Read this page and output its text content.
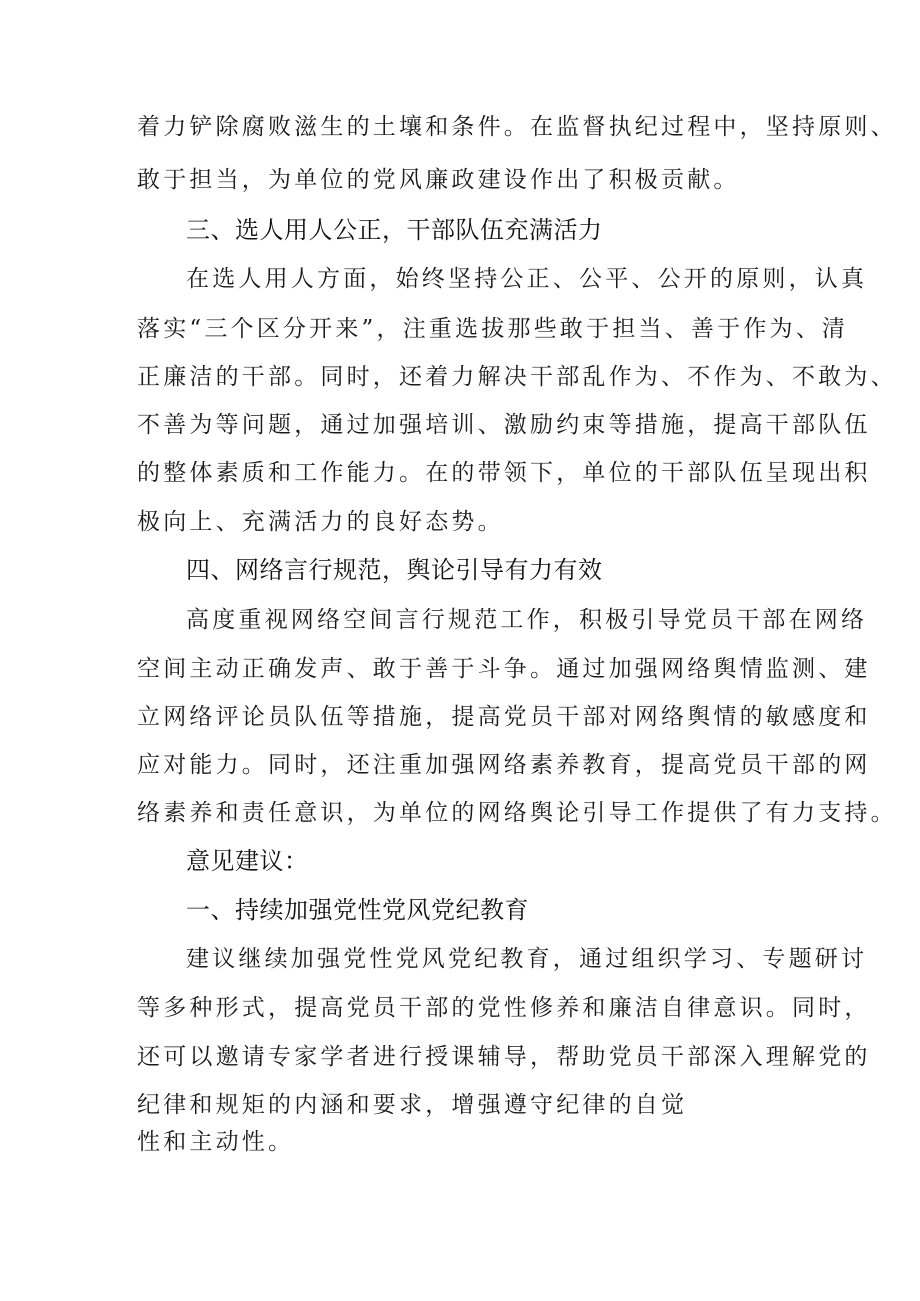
着力铲除腐败滋生的土壤和条件。在监督执纪过程中，坚持原则、
敢于担当，为单位的党风廉政建设作出了积极贡献。
三、选人用人公正，干部队伍充满活力
在选人用人方面，始终坚持公正、公平、公开的原则，认真
落实“三个区分开来”，注重选拔那些敢于担当、善于作为、清
正廉洁的干部。同时，还着力解决干部乱作为、不作为、不敢为、
不善为等问题，通过加强培训、激励约束等措施，提高干部队伍
的整体素质和工作能力。在的带领下，单位的干部队伍呈现出积
极向上、充满活力的良好态势。
四、网络言行规范，舆论引导有力有效
高度重视网络空间言行规范工作，积极引导党员干部在网络
空间主动正确发声、敢于善于斗争。通过加强网络舆情监测、建
立网络评论员队伍等措施，提高党员干部对网络舆情的敏感度和
应对能力。同时，还注重加强网络素养教育，提高党员干部的网
络素养和责任意识，为单位的网络舆论引导工作提供了有力支持。
意见建议：
一、持续加强党性党风党纪教育
建议继续加强党性党风党纪教育，通过组织学习、专题研讨
等多种形式，提高党员干部的党性修养和廉洁自律意识。同时，
还可以邀请专家学者进行授课辅导，帮助党员干部深入理解党的
纪律和规矩的内涵和要求，增强遵守纪律的自觉
性和主动性。
